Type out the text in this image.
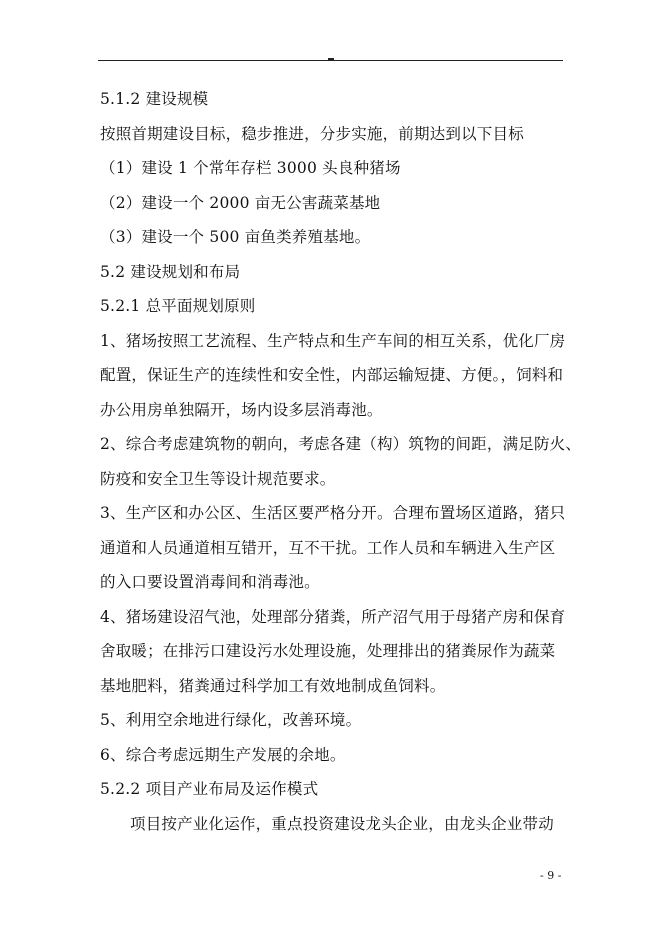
5.1.2 建设规模
按照首期建设目标，稳步推进，分步实施，前期达到以下目标
（1）建设 1 个常年存栏 3000 头良种猪场
（2）建设一个 2000 亩无公害蔬菜基地
（3）建设一个 500 亩鱼类养殖基地。
5.2 建设规划和布局
5.2.1 总平面规划原则
1、猪场按照工艺流程、生产特点和生产车间的相互关系，优化厂房
配置，保证生产的连续性和安全性，内部运输短捷、方便。，饲料和
办公用房单独隔开，场内设多层消毒池。
2、综合考虑建筑物的朝向，考虑各建（构）筑物的间距，满足防火、
防疫和安全卫生等设计规范要求。
3、生产区和办公区、生活区要严格分开。合理布置场区道路，猪只
通道和人员通道相互错开，互不干扰。工作人员和车辆进入生产区
的入口要设置消毒间和消毒池。
4、猪场建设沼气池，处理部分猪粪，所产沼气用于母猪产房和保育
舍取暖；在排污口建设污水处理设施，处理排出的猪粪尿作为蔬菜
基地肥料，猪粪通过科学加工有效地制成鱼饲料。
5、利用空余地进行绿化，改善环境。
6、综合考虑远期生产发展的余地。
5.2.2 项目产业布局及运作模式
项目按产业化运作，重点投资建设龙头企业，由龙头企业带动
- 9 -
